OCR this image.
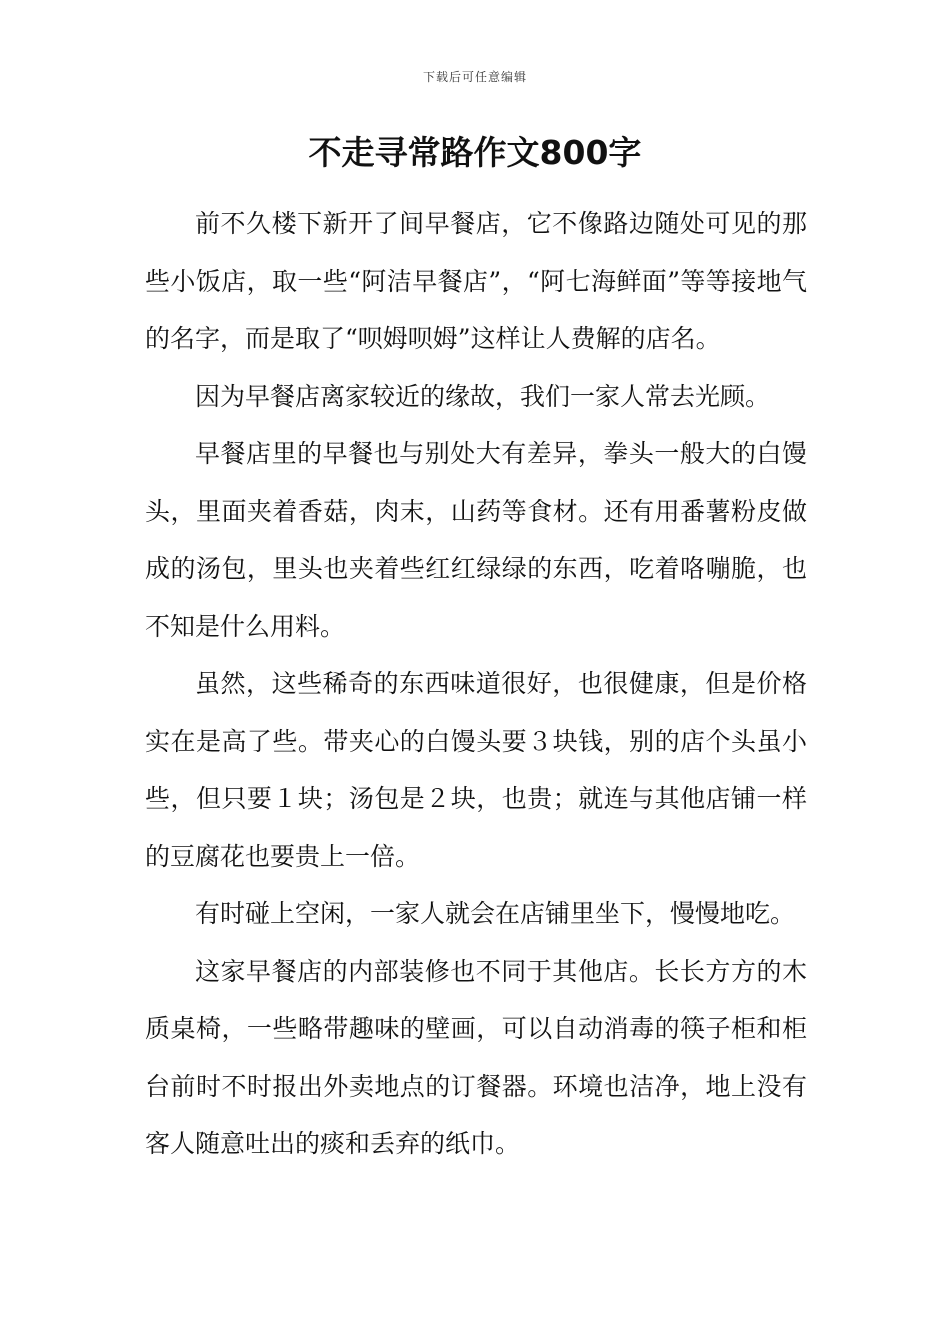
下载后可任意编辑
不走寻常路作文800字

前不久楼下新开了间早餐店，它不像路边随处可见的那些小饭店，取一些“阿洁早餐店”，“阿七海鲜面”等等接地气的名字，而是取了“呗姆呗姆”这样让人费解的店名。

因为早餐店离家较近的缘故，我们一家人常去光顾。

早餐店里的早餐也与别处大有差异，拳头一般大的白馒头，里面夹着香菇，肉末，山药等食材。还有用番薯粉皮做成的汤包，里头也夹着些红红绿绿的东西，吃着咯嘣脆，也不知是什么用料。

虽然，这些稀奇的东西味道很好，也很健康，但是价格实在是高了些。带夹心的白馒头要３块钱，别的店个头虽小些，但只要１块；汤包是２块，也贵；就连与其他店铺一样的豆腐花也要贵上一倍。

有时碰上空闲，一家人就会在店铺里坐下，慢慢地吃。

这家早餐店的内部装修也不同于其他店。长长方方的木质桌椅，一些略带趣味的壁画，可以自动消毒的筷子柜和柜台前时不时报出外卖地点的订餐器。环境也洁净，地上没有客人随意吐出的痰和丢弃的纸巾。
